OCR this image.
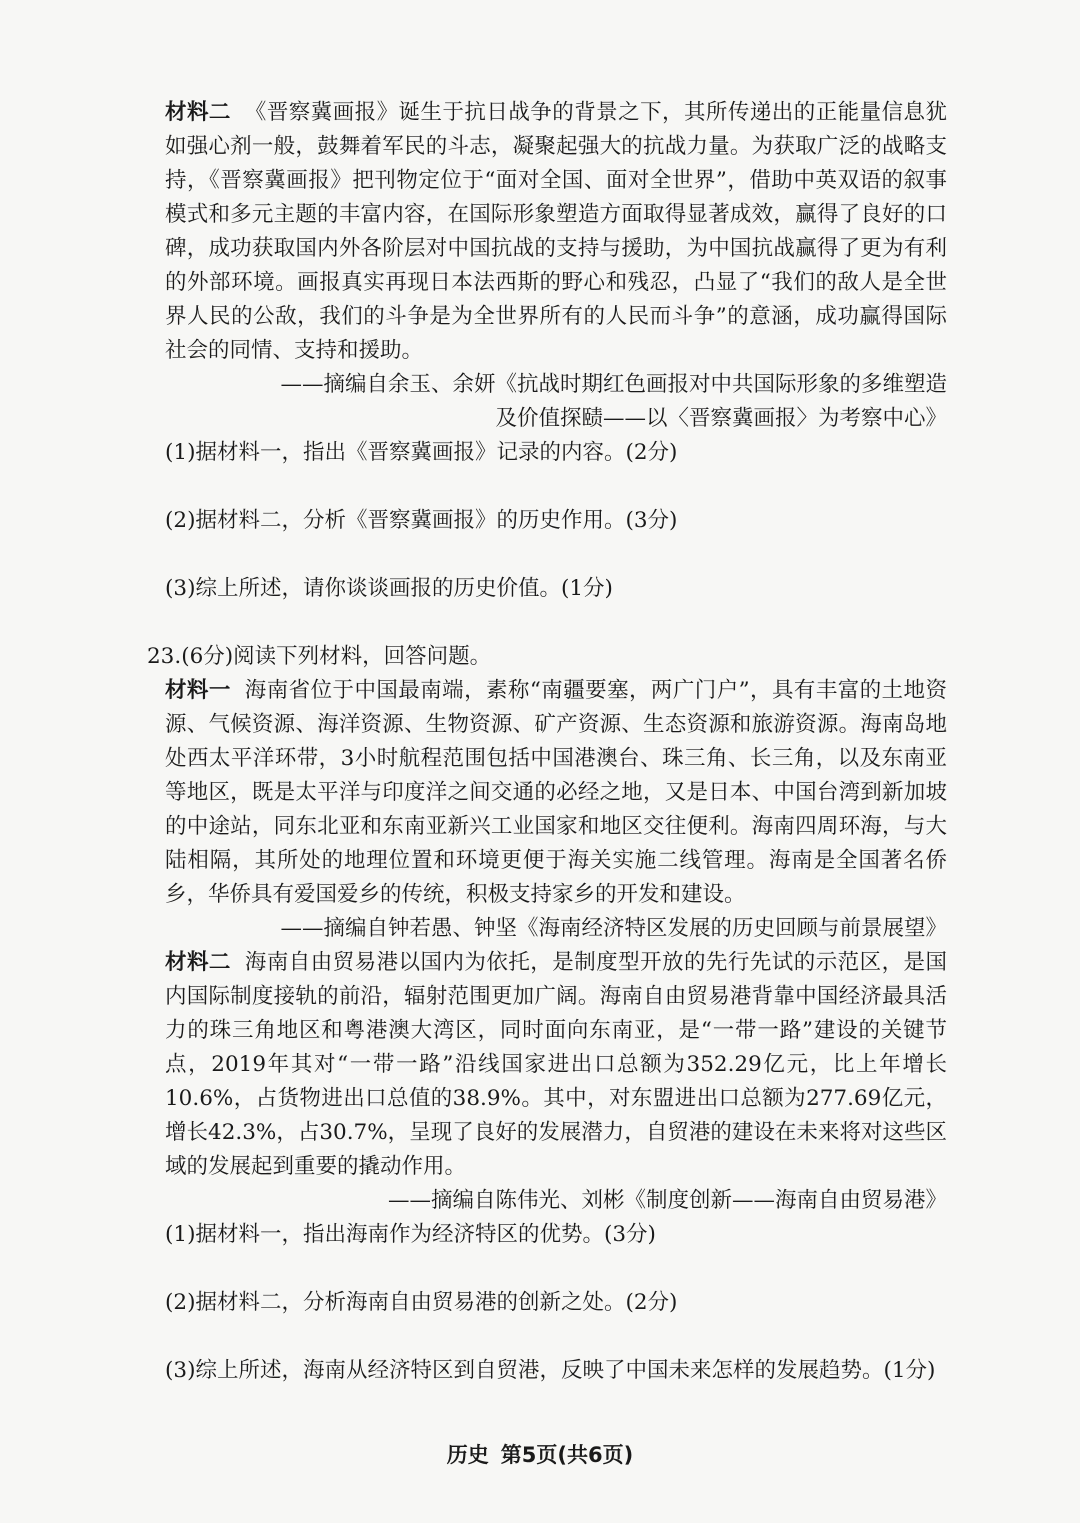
材料二 《晋察冀画报》诞生于抗日战争的背景之下，其所传递出的正能量信息犹如强心剂一般，鼓舞着军民的斗志，凝聚起强大的抗战力量。为获取广泛的战略支持，《晋察冀画报》把刊物定位于“面对全国、面对全世界”，借助中英双语的叙事模式和多元主题的丰富内容，在国际形象塑造方面取得显著成效，赢得了良好的口碑，成功获取国内外各阶层对中国抗战的支持与援助，为中国抗战赢得了更为有利的外部环境。画报真实再现日本法西斯的野心和残忍，凸显了“我们的敌人是全世界人民的公敌，我们的斗争是为全世界所有的人民而斗争”的意涵，成功赢得国际社会的同情、支持和援助。

——摘编自余玉、余妍《抗战时期红色画报对中共国际形象的多维塑造

及价值探赜——以〈晋察冀画报〉为考察中心》

(1)据材料一，指出《晋察冀画报》记录的内容。(2分)

(2)据材料二，分析《晋察冀画报》的历史作用。(3分)

(3)综上所述，请你谈谈画报的历史价值。(1分)

23.(6分)阅读下列材料，回答问题。

材料一 海南省位于中国最南端，素称“南疆要塞，两广门户”，具有丰富的土地资源、气候资源、海洋资源、生物资源、矿产资源、生态资源和旅游资源。海南岛地处西太平洋环带，3小时航程范围包括中国港澳台、珠三角、长三角，以及东南亚等地区，既是太平洋与印度洋之间交通的必经之地，又是日本、中国台湾到新加坡的中途站，同东北亚和东南亚新兴工业国家和地区交往便利。海南四周环海，与大陆相隔，其所处的地理位置和环境更便于海关实施二线管理。海南是全国著名侨乡，华侨具有爱国爱乡的传统，积极支持家乡的开发和建设。

——摘编自钟若愚、钟坚《海南经济特区发展的历史回顾与前景展望》

材料二 海南自由贸易港以国内为依托，是制度型开放的先行先试的示范区，是国内国际制度接轨的前沿，辐射范围更加广阔。海南自由贸易港背靠中国经济最具活力的珠三角地区和粤港澳大湾区，同时面向东南亚，是“一带一路”建设的关键节点，2019年其对“一带一路”沿线国家进出口总额为352.29亿元，比上年增长10.6%，占货物进出口总值的38.9%。其中，对东盟进出口总额为277.69亿元，增长42.3%，占30.7%，呈现了良好的发展潜力，自贸港的建设在未来将对这些区域的发展起到重要的撬动作用。

——摘编自陈伟光、刘彬《制度创新——海南自由贸易港》

(1)据材料一，指出海南作为经济特区的优势。(3分)

(2)据材料二，分析海南自由贸易港的创新之处。(2分)

(3)综上所述，海南从经济特区到自贸港，反映了中国未来怎样的发展趋势。(1分)

历史 第5页(共6页)
